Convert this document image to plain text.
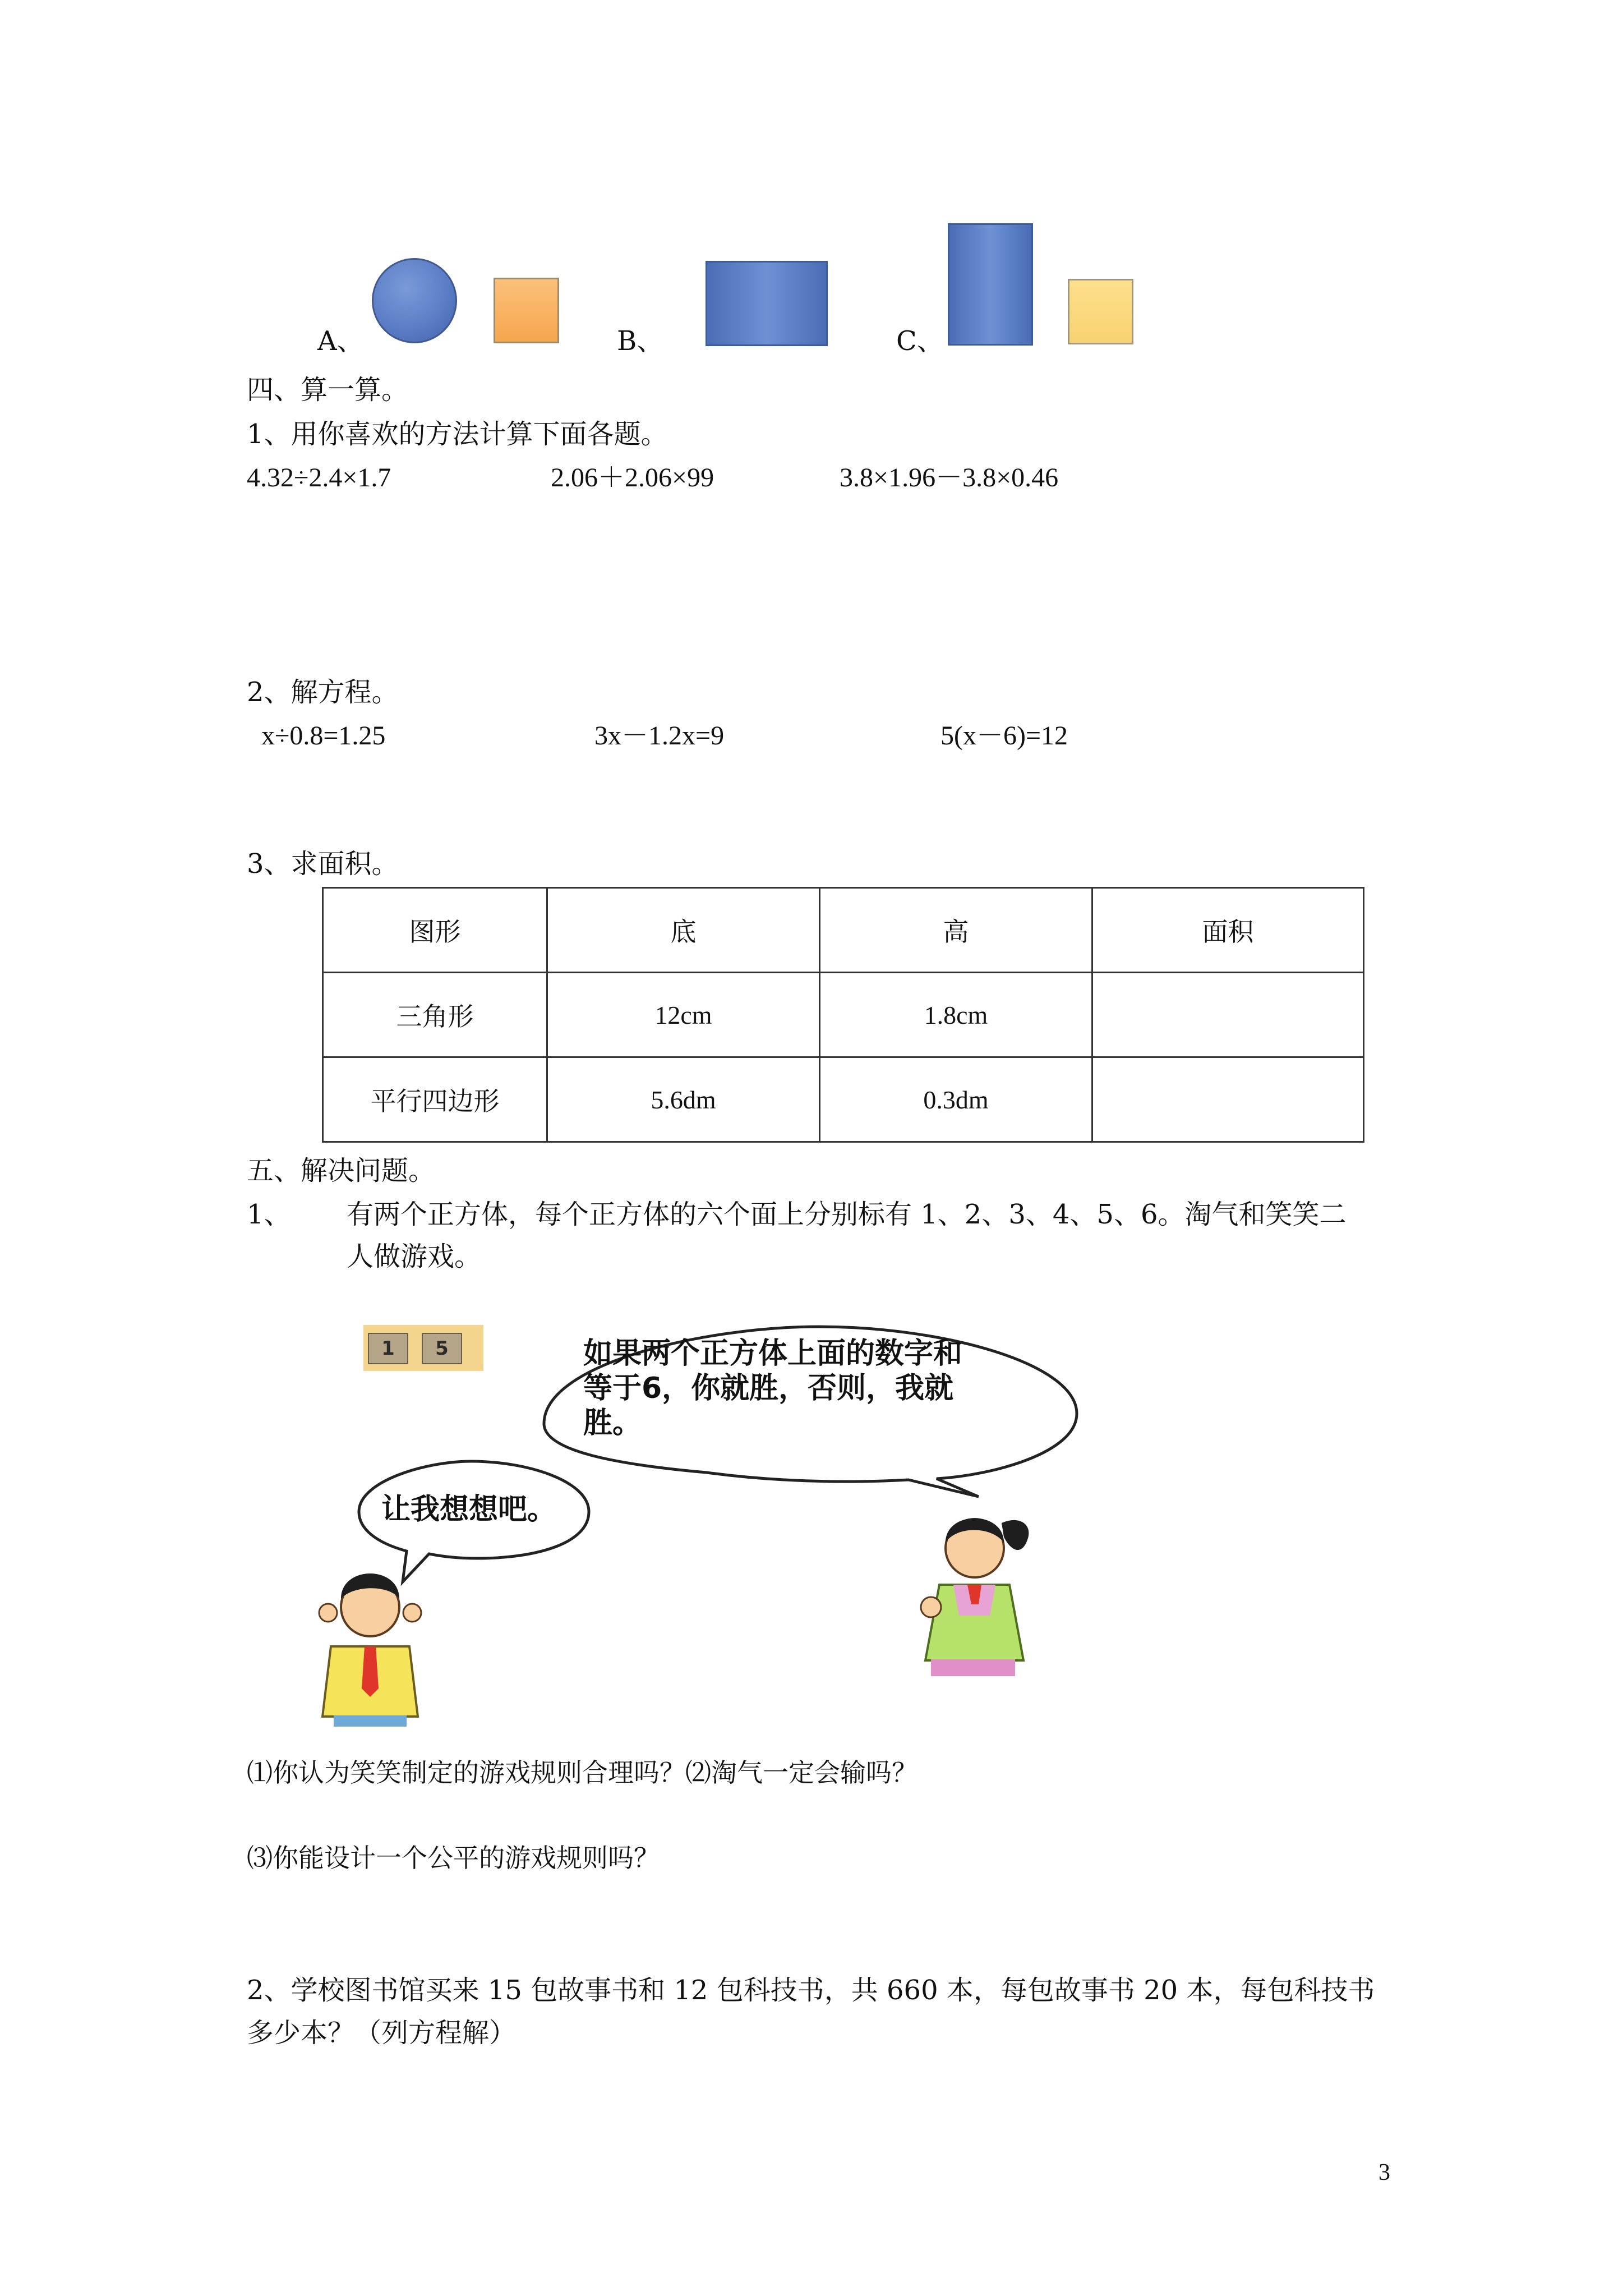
A、	B、	C、
四、算一算。
1、用你喜欢的方法计算下面各题。
4.32÷2.4×1.7	2.06＋2.06×99	3.8×1.96－3.8×0.46
2、解方程。
x÷0.8=1.25	3x－1.2x=9	5(x－6)=12
3、求面积。
图形	底	高	面积
三角形	12cm	1.8cm	
平行四边形	5.6dm	0.3dm	
五、解决问题。
1、 有两个正方体，每个正方体的六个面上分别标有 1、2、3、4、5、6。淘气和笑笑二
人做游戏。
1	5	如果两个正方体上面的数字和
等于6，你就胜，否则，我就
胜。
让我想想吧。
⑴你认为笑笑制定的游戏规则合理吗？⑵淘气一定会输吗？
⑶你能设计一个公平的游戏规则吗？
2、学校图书馆买来 15 包故事书和 12 包科技书，共 660 本，每包故事书 20 本，每包科技书
多少本？（列方程解）
3
